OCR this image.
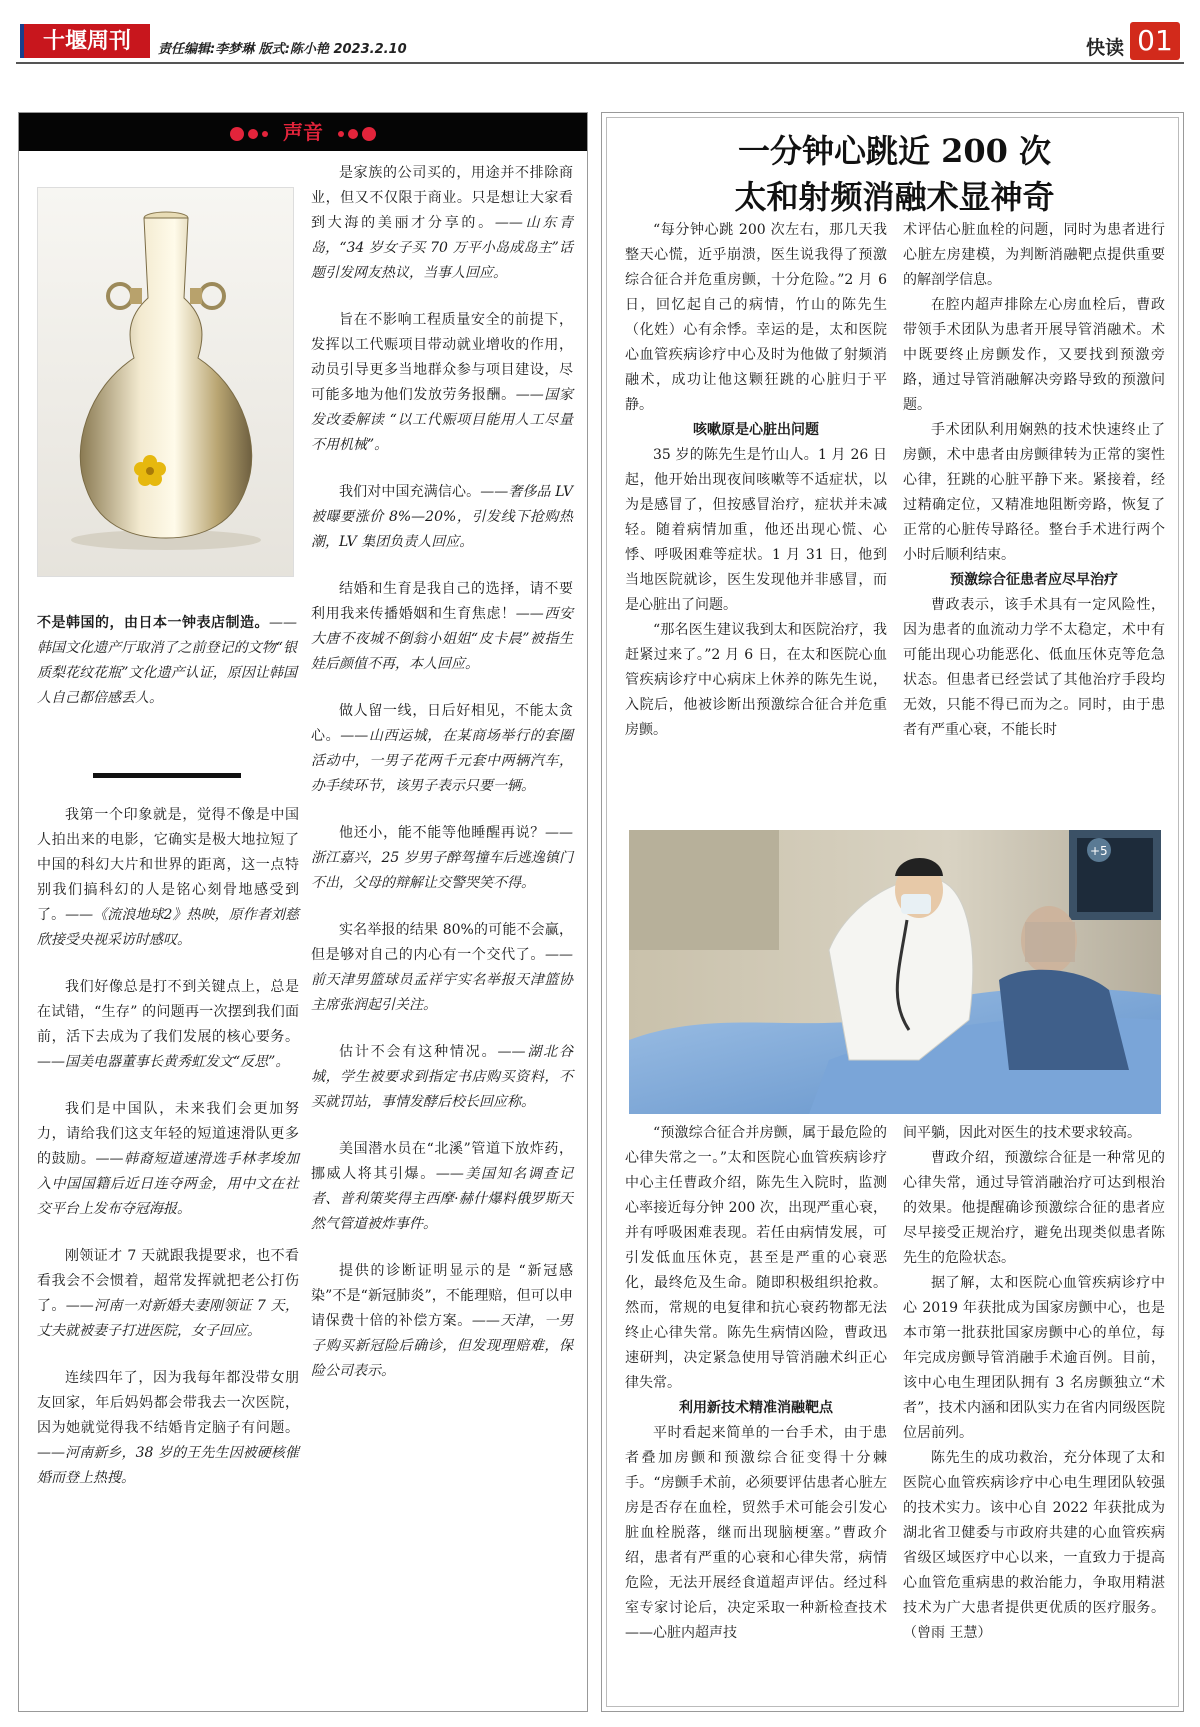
十堰周刊	责任编辑:李梦琳 版式:陈小艳 2023.2.10	快读 01
声音
不是韩国的，由日本一钟表店制造。——韩国文化遗产厅取消了之前登记的文物“银质梨花纹花瓶”文化遗产认证，原因让韩国人自己都倍感丢人。

我第一个印象就是，觉得不像是中国人拍出来的电影，它确实是极大地拉短了中国的科幻大片和世界的距离，这一点特别我们搞科幻的人是铭心刻骨地感受到了。——《流浪地球2》热映，原作者刘慈欣接受央视采访时感叹。

我们好像总是打不到关键点上，总是在试错，“生存” 的问题再一次摆到我们面前，活下去成为了我们发展的核心要务。——国美电器董事长黄秀虹发文“反思”。

我们是中国队，未来我们会更加努力，请给我们这支年轻的短道速滑队更多的鼓励。——韩裔短道速滑选手林孝埈加入中国国籍后近日连夺两金，用中文在社交平台上发布夺冠海报。

刚领证才 7 天就跟我提要求，也不看看我会不会惯着，超常发挥就把老公打伤了。——河南一对新婚夫妻刚领证 7 天，丈夫就被妻子打进医院，女子回应。

连续四年了，因为我每年都没带女朋友回家，年后妈妈都会带我去一次医院，因为她就觉得我不结婚肯定脑子有问题。——河南新乡，38 岁的王先生因被硬核催婚而登上热搜。

是家族的公司买的，用途并不排除商业，但又不仅限于商业。只是想让大家看到大海的美丽才分享的。——山东青岛，“34 岁女子买 70 万平小岛成岛主”话题引发网友热议，当事人回应。

旨在不影响工程质量安全的前提下，发挥以工代赈项目带动就业增收的作用，动员引导更多当地群众参与项目建设，尽可能多地为他们发放劳务报酬。——国家发改委解读 “以工代赈项目能用人工尽量不用机械”。

我们对中国充满信心。——奢侈品 LV 被曝要涨价 8%—20%，引发线下抢购热潮，LV 集团负责人回应。

结婚和生育是我自己的选择，请不要利用我来传播婚姻和生育焦虑！——西安大唐不夜城不倒翁小姐姐“皮卡晨”被指生娃后颜值不再，本人回应。

做人留一线，日后好相见，不能太贪心。——山西运城，在某商场举行的套圈活动中，一男子花两千元套中两辆汽车，办手续环节，该男子表示只要一辆。

他还小，能不能等他睡醒再说？——浙江嘉兴，25 岁男子醉驾撞车后逃逸镇门不出，父母的辩解让交警哭笑不得。

实名举报的结果 80%的可能不会赢，但是够对自己的内心有一个交代了。——前天津男篮球员孟祥宇实名举报天津篮协主席张润起引关注。

估计不会有这种情况。——湖北谷城，学生被要求到指定书店购买资料，不买就罚站，事情发酵后校长回应称。

美国潜水员在“北溪”管道下放炸药，挪威人将其引爆。——美国知名调查记者、普利策奖得主西摩·赫什爆料俄罗斯天然气管道被炸事件。

提供的诊断证明显示的是 “新冠感染”不是“新冠肺炎”，不能理赔，但可以申请保费十倍的补偿方案。——天津，一男子购买新冠险后确诊，但发现理赔难，保险公司表示。

一分钟心跳近 200 次
太和射频消融术显神奇

“每分钟心跳 200 次左右，那几天我整天心慌，近乎崩溃，医生说我得了预激综合征合并危重房颤，十分危险。”2 月 6 日，回忆起自己的病情，竹山的陈先生（化姓）心有余悸。幸运的是，太和医院心血管疾病诊疗中心及时为他做了射频消融术，成功让他这颗狂跳的心脏归于平静。

咳嗽原是心脏出问题

35 岁的陈先生是竹山人。1 月 26 日起，他开始出现夜间咳嗽等不适症状，以为是感冒了，但按感冒治疗，症状并未减轻。随着病情加重，他还出现心慌、心悸、呼吸困难等症状。1 月 31 日，他到当地医院就诊，医生发现他并非感冒，而是心脏出了问题。

“那名医生建议我到太和医院治疗，我赶紧过来了。”2 月 6 日，在太和医院心血管疾病诊疗中心病床上休养的陈先生说，入院后，他被诊断出预激综合征合并危重房颤。

术评估心脏血栓的问题，同时为患者进行心脏左房建模，为判断消融靶点提供重要的解剖学信息。

在腔内超声排除左心房血栓后，曹政带领手术团队为患者开展导管消融术。术中既要终止房颤发作，又要找到预激旁路，通过导管消融解决旁路导致的预激问题。

手术团队利用娴熟的技术快速终止了房颤，术中患者由房颤律转为正常的窦性心律，狂跳的心脏平静下来。紧接着，经过精确定位，又精准地阻断旁路，恢复了正常的心脏传导路径。整台手术进行两个小时后顺利结束。

预激综合征患者应尽早治疗

曹政表示，该手术具有一定风险性，因为患者的血流动力学不太稳定，术中有可能出现心功能恶化、低血压休克等危急状态。但患者已经尝试了其他治疗手段均无效，只能不得已而为之。同时，由于患者有严重心衰，不能长时

+5

“预激综合征合并房颤，属于最危险的心律失常之一。”太和医院心血管疾病诊疗中心主任曹政介绍，陈先生入院时，监测心率接近每分钟 200 次，出现严重心衰，并有呼吸困难表现。若任由病情发展，可引发低血压休克，甚至是严重的心衰恶化，最终危及生命。随即积极组织抢救。然而，常规的电复律和抗心衰药物都无法终止心律失常。陈先生病情凶险，曹政迅速研判，决定紧急使用导管消融术纠正心律失常。

利用新技术精准消融靶点

平时看起来简单的一台手术，由于患者叠加房颤和预激综合征变得十分棘手。“房颤手术前，必须要评估患者心脏左房是否存在血栓，贸然手术可能会引发心脏血栓脱落，继而出现脑梗塞。”曹政介绍，患者有严重的心衰和心律失常，病情危险，无法开展经食道超声评估。经过科室专家讨论后，决定采取一种新检查技术——心脏内超声技

间平躺，因此对医生的技术要求较高。

曹政介绍，预激综合征是一种常见的心律失常，通过导管消融治疗可达到根治的效果。他提醒确诊预激综合征的患者应尽早接受正规治疗，避免出现类似患者陈先生的危险状态。

据了解，太和医院心血管疾病诊疗中心 2019 年获批成为国家房颤中心，也是本市第一批获批国家房颤中心的单位，每年完成房颤导管消融手术逾百例。目前，该中心电生理团队拥有 3 名房颤独立“术者”，技术内涵和团队实力在省内同级医院位居前列。

陈先生的成功救治，充分体现了太和医院心血管疾病诊疗中心电生理团队较强的技术实力。该中心自 2022 年获批成为湖北省卫健委与市政府共建的心血管疾病省级区域医疗中心以来，一直致力于提高心血管危重病患的救治能力，争取用精湛技术为广大患者提供更优质的医疗服务。（曾雨 王慧）
